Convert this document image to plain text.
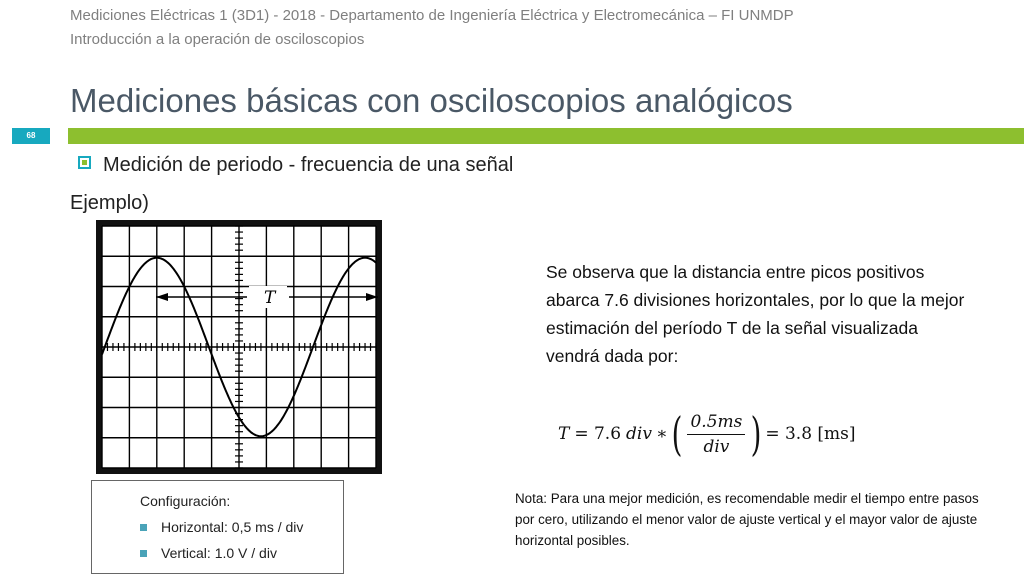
Mediciones Eléctricas 1 (3D1) - 2018 - Departamento de Ingeniería Eléctrica y Electromecánica – FI UNMDP
Introducción a la operación de osciloscopios
Mediciones básicas con osciloscopios analógicos
68
Medición de periodo - frecuencia de una señal
Ejemplo)
T
Se observa que la distancia entre picos positivos abarca 7.6 divisiones horizontales, por lo que la mejor estimación del período T de la señal visualizada vendrá dada por:
T = 7.6 div ∗ ( $\frac{0.5ms}{\text{div}}$ ) = 3.8 [ms]
Configuración:
Horizontal: 0,5 ms / div
Vertical: 1.0 V / div
Nota: Para una mejor medición, es recomendable medir el tiempo entre pasos por cero, utilizando el menor valor de ajuste vertical y el mayor valor de ajuste horizontal posibles.
